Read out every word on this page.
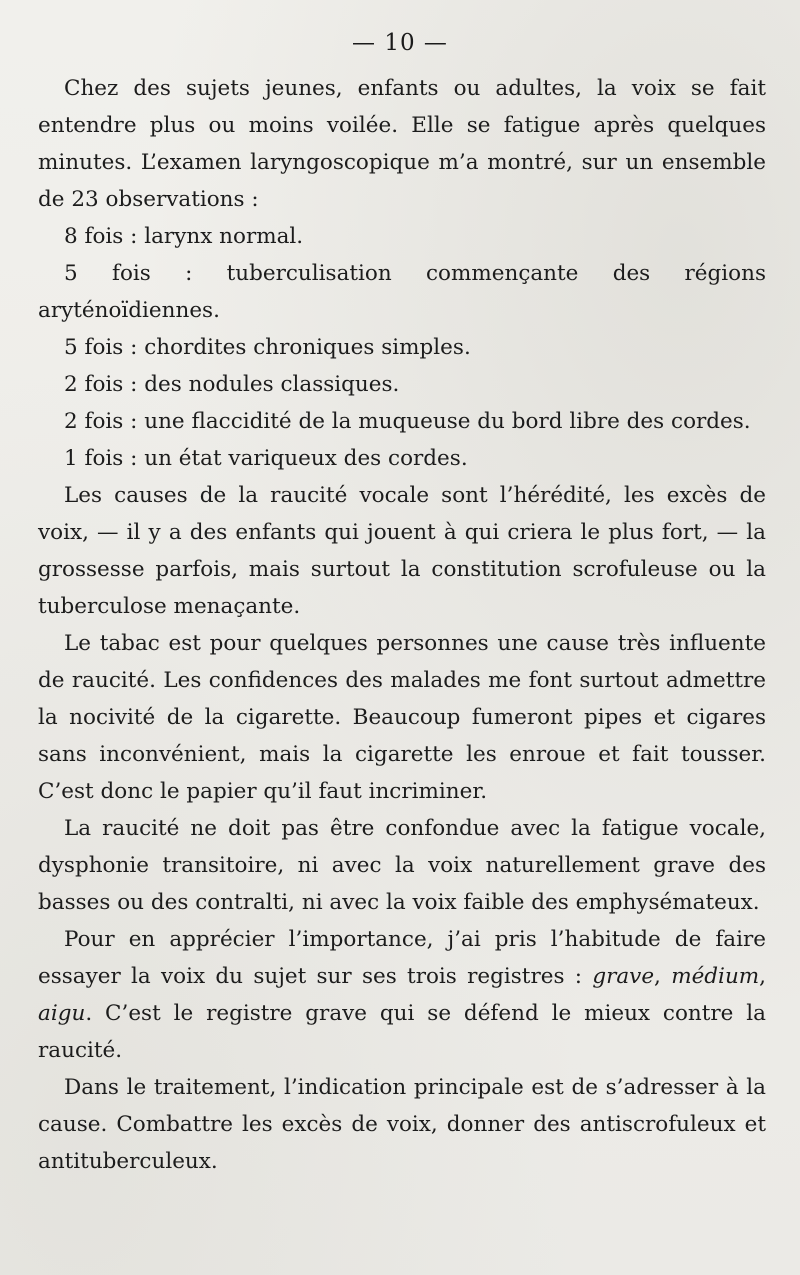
— 10 —

Chez des sujets jeunes, enfants ou adultes, la voix se fait entendre plus ou moins voilée. Elle se fatigue après quelques minutes. L’examen laryngoscopique m’a montré, sur un ensemble de 23 observations :

8 fois : larynx normal.

5 fois : tuberculisation commençante des régions aryténoïdiennes.

5 fois : chordites chroniques simples.

2 fois : des nodules classiques.

2 fois : une flaccidité de la muqueuse du bord libre des cordes.

1 fois : un état variqueux des cordes.

Les causes de la raucité vocale sont l’hérédité, les excès de voix, — il y a des enfants qui jouent à qui criera le plus fort, — la grossesse parfois, mais surtout la constitution scrofuleuse ou la tuberculose menaçante.

Le tabac est pour quelques personnes une cause très influente de raucité. Les confidences des malades me font surtout admettre la nocivité de la cigarette. Beaucoup fumeront pipes et cigares sans inconvénient, mais la cigarette les enroue et fait tousser. C’est donc le papier qu’il faut incriminer.

La raucité ne doit pas être confondue avec la fatigue vocale, dysphonie transitoire, ni avec la voix naturellement grave des basses ou des contralti, ni avec la voix faible des emphysémateux.

Pour en apprécier l’importance, j’ai pris l’habitude de faire essayer la voix du sujet sur ses trois registres : grave, médium, aigu. C’est le registre grave qui se défend le mieux contre la raucité.

Dans le traitement, l’indication principale est de s’adresser à la cause. Combattre les excès de voix, donner des antiscrofuleux et antituberculeux.
